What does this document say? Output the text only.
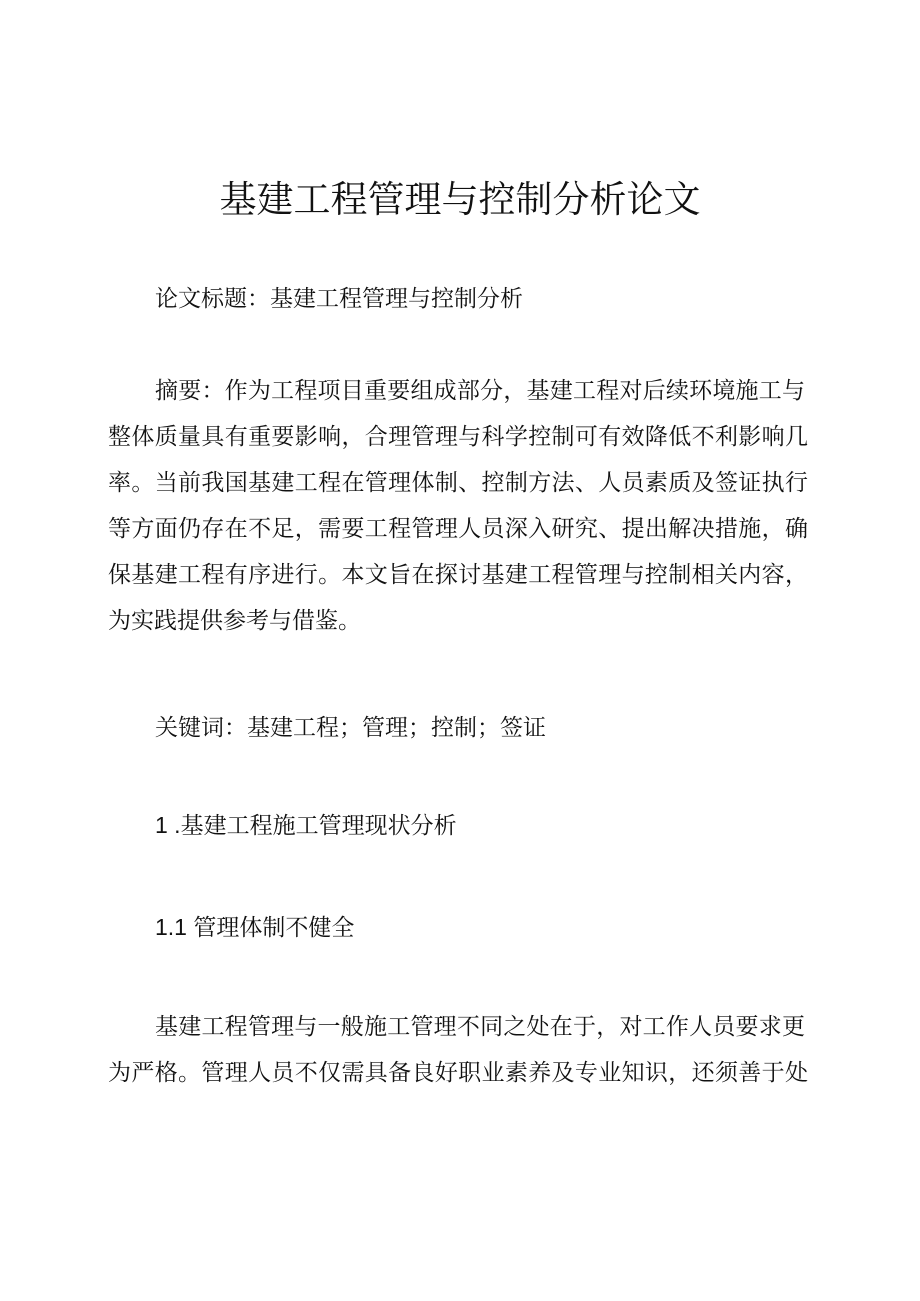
基建工程管理与控制分析论文

论文标题：基建工程管理与控制分析

摘要：作为工程项目重要组成部分，基建工程对后续环境施工与
整体质量具有重要影响，合理管理与科学控制可有效降低不利影响几
率。当前我国基建工程在管理体制、控制方法、人员素质及签证执行
等方面仍存在不足，需要工程管理人员深入研究、提出解决措施，确
保基建工程有序进行。本文旨在探讨基建工程管理与控制相关内容，
为实践提供参考与借鉴。

关键词：基建工程；管理；控制；签证

1 .基建工程施工管理现状分析

1.1 管理体制不健全

基建工程管理与一般施工管理不同之处在于，对工作人员要求更
为严格。管理人员不仅需具备良好职业素养及专业知识，还须善于处
